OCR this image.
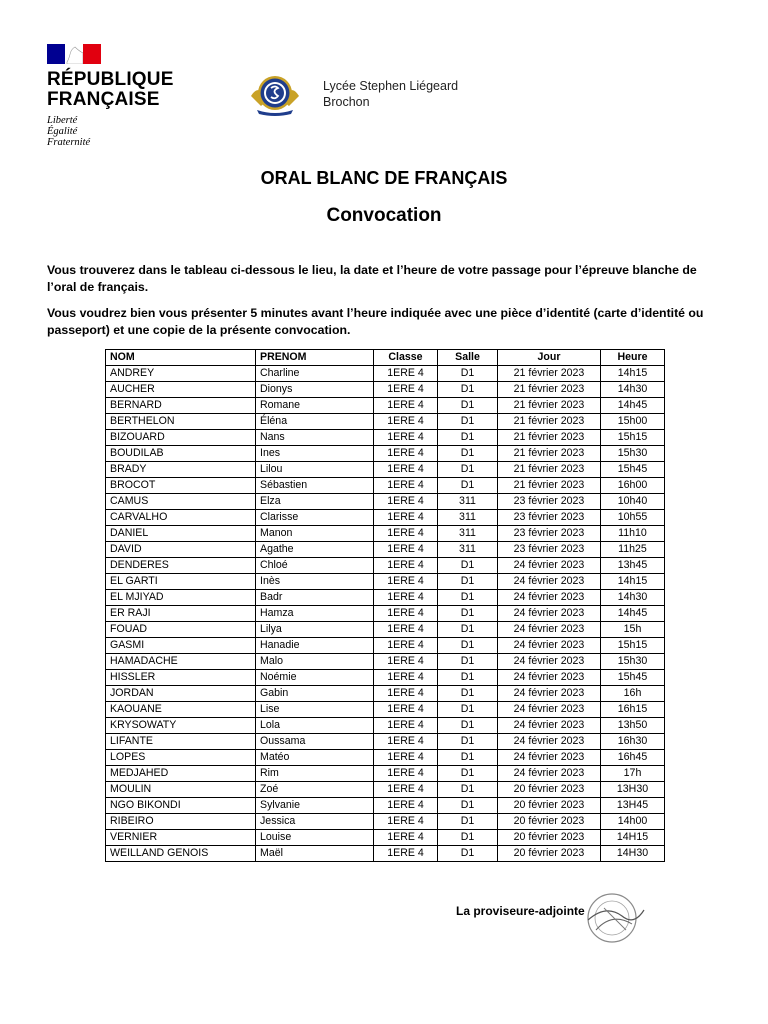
RÉPUBLIQUE
FRANÇAISE
Liberté
Égalité
Fraternité
Lycée Stephen Liégeard
Brochon
ORAL BLANC DE FRANÇAIS
Convocation
Vous trouverez dans le tableau ci-dessous le lieu, la date et l’heure de votre passage pour l’épreuve blanche de l’oral de français.
Vous voudrez bien vous présenter 5 minutes avant l’heure indiquée avec une pièce d’identité (carte d’identité ou passeport) et une copie de la présente convocation.
NOM	PRENOM	Classe	Salle	Jour	Heure
ANDREY	Charline	1ERE 4	D1	21 février 2023	14h15
AUCHER	Dionys	1ERE 4	D1	21 février 2023	14h30
BERNARD	Romane	1ERE 4	D1	21 février 2023	14h45
BERTHELON	Éléna	1ERE 4	D1	21 février 2023	15h00
BIZOUARD	Nans	1ERE 4	D1	21 février 2023	15h15
BOUDILAB	Ines	1ERE 4	D1	21 février 2023	15h30
BRADY	Lilou	1ERE 4	D1	21 février 2023	15h45
BROCOT	Sébastien	1ERE 4	D1	21 février 2023	16h00
CAMUS	Elza	1ERE 4	311	23 février 2023	10h40
CARVALHO	Clarisse	1ERE 4	311	23 février 2023	10h55
DANIEL	Manon	1ERE 4	311	23 février 2023	11h10
DAVID	Agathe	1ERE 4	311	23 février 2023	11h25
DENDERES	Chloé	1ERE 4	D1	24 février 2023	13h45
EL GARTI	Inès	1ERE 4	D1	24 février 2023	14h15
EL MJIYAD	Badr	1ERE 4	D1	24 février 2023	14h30
ER RAJI	Hamza	1ERE 4	D1	24 février 2023	14h45
FOUAD	Lilya	1ERE 4	D1	24 février 2023	15h
GASMI	Hanadie	1ERE 4	D1	24 février 2023	15h15
HAMADACHE	Malo	1ERE 4	D1	24 février 2023	15h30
HISSLER	Noémie	1ERE 4	D1	24 février 2023	15h45
JORDAN	Gabin	1ERE 4	D1	24 février 2023	16h
KAOUANE	Lise	1ERE 4	D1	24 février 2023	16h15
KRYSOWATY	Lola	1ERE 4	D1	24 février 2023	13h50
LIFANTE	Oussama	1ERE 4	D1	24 février 2023	16h30
LOPES	Matéo	1ERE 4	D1	24 février 2023	16h45
MEDJAHED	Rim	1ERE 4	D1	24 février 2023	17h
MOULIN	Zoé	1ERE 4	D1	20 février 2023	13H30
NGO BIKONDI	Sylvanie	1ERE 4	D1	20 février 2023	13H45
RIBEIRO	Jessica	1ERE 4	D1	20 février 2023	14h00
VERNIER	Louise	1ERE 4	D1	20 février 2023	14H15
WEILLAND GENOIS	Maël	1ERE 4	D1	20 février 2023	14H30
La proviseure-adjointe
